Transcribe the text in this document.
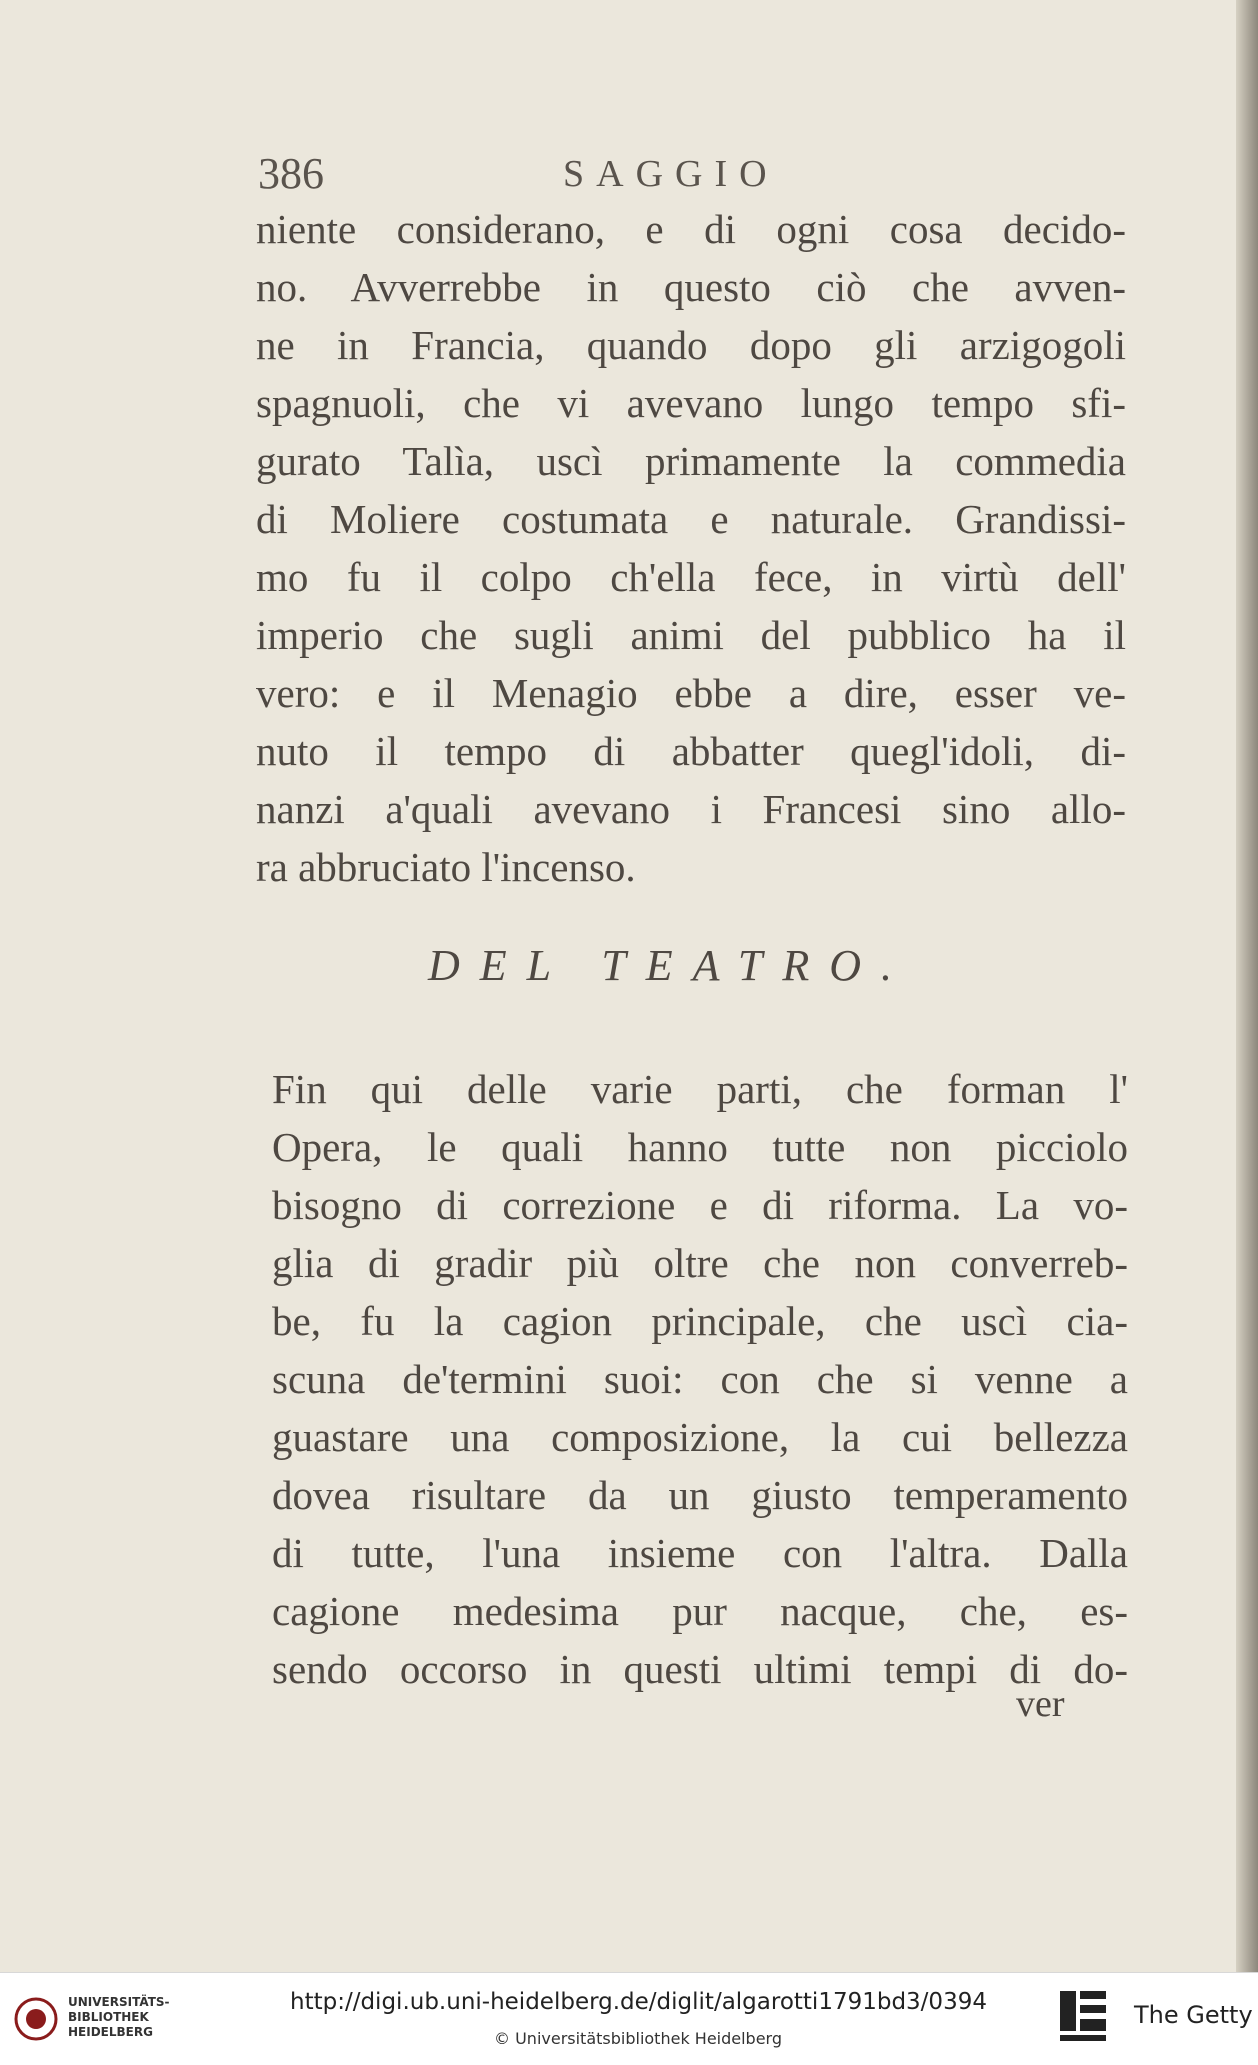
386	SAGGIO
niente considerano, e di ogni cosa decido-
no. Avverrebbe in questo ciò che avven-
ne in Francia, quando dopo gli arzigogoli
spagnuoli, che vi avevano lungo tempo sfi-
gurato Talìa, uscì primamente la commedia
di Moliere costumata e naturale. Grandissi-
mo fu il colpo ch'ella fece, in virtù dell'
imperio che sugli animi del pubblico ha il
vero: e il Menagio ebbe a dire, esser ve-
nuto il tempo di abbatter quegl'idoli, di-
nanzi a'quali avevano i Francesi sino allo-
ra abbruciato l'incenso.
DEL TEATRO.
Fin qui delle varie parti, che forman l'
Opera, le quali hanno tutte non picciolo
bisogno di correzione e di riforma. La vo-
glia di gradir più oltre che non converreb-
be, fu la cagion principale, che uscì cia-
scuna de'termini suoi: con che si venne a
guastare una composizione, la cui bellezza
dovea risultare da un giusto temperamento
di tutte, l'una insieme con l'altra. Dalla
cagione medesima pur nacque, che, es-
sendo occorso in questi ultimi tempi di do-
ver
UNIVERSITÄTS-
BIBLIOTHEK
HEIDELBERG
http://digi.ub.uni-heidelberg.de/diglit/algarotti1791bd3/0394
© Universitätsbibliothek Heidelberg
The Getty
